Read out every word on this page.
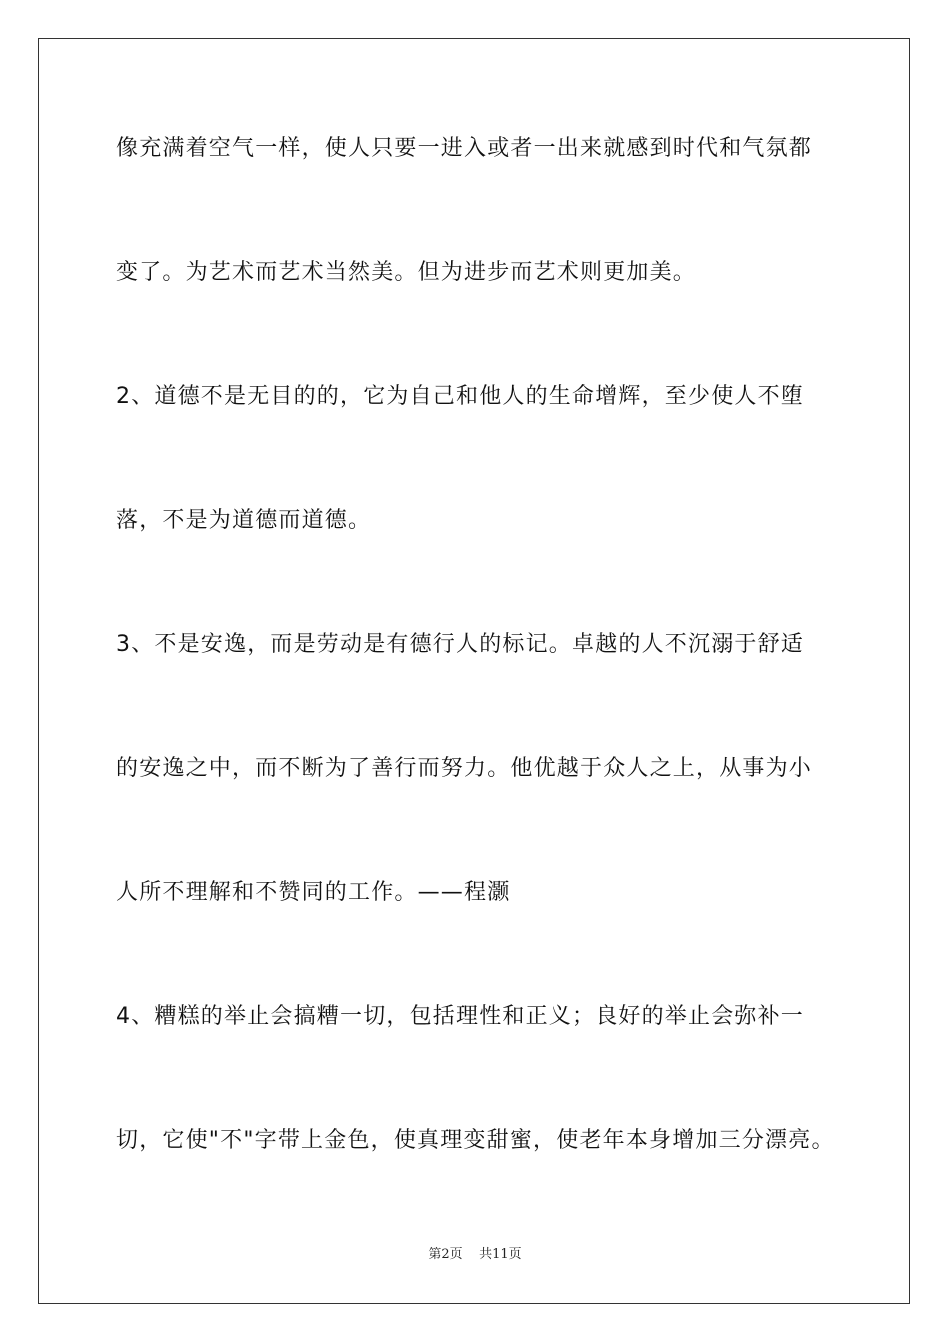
像充满着空气一样，使人只要一进入或者一出来就感到时代和气氛都

变了。为艺术而艺术当然美。但为进步而艺术则更加美。

2、道德不是无目的的，它为自己和他人的生命增辉，至少使人不堕

落，不是为道德而道德。

3、不是安逸，而是劳动是有德行人的标记。卓越的人不沉溺于舒适

的安逸之中，而不断为了善行而努力。他优越于众人之上，从事为小

人所不理解和不赞同的工作。——程灏

4、糟糕的举止会搞糟一切，包括理性和正义；良好的举止会弥补一

切，它使"不"字带上金色，使真理变甜蜜，使老年本身增加三分漂亮。

第2页 共11页
